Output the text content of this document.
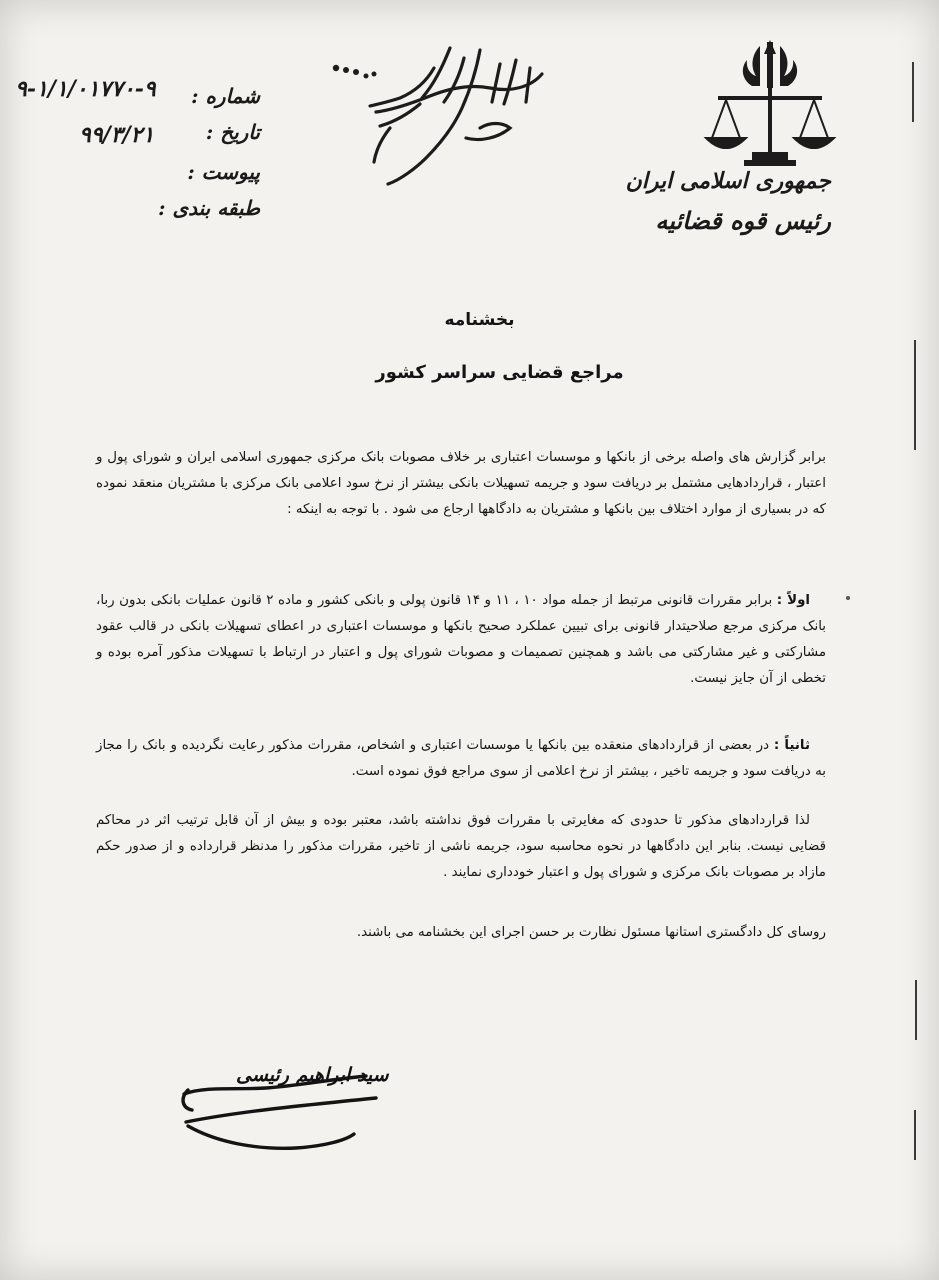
جمهوری اسلامی ایران
رئیس قوه قضائیه
شماره :
۹-۱/۱/۰۱۷۷۰-۹
تاریخ :
۹۹/۳/۲۱
پیوست :
طبقه بندی :
بخشنامه
مراجع قضایی سراسر کشور
برابر گزارش های واصله برخی از بانکها و موسسات اعتباری بر خلاف مصوبات بانک مرکزی جمهوری اسلامی ایران و شورای پول و اعتبار ، قراردادهایی مشتمل بر دریافت سود و جریمه تسهیلات بانکی بیشتر از نرخ سود اعلامی بانک مرکزی با مشتریان منعقد نموده که در بسیاری از موارد اختلاف بین بانکها و مشتریان به دادگاهها ارجاع می شود . با توجه به اینکه :
اولاً : برابر مقررات قانونی مرتبط از جمله مواد ۱۰ ، ۱۱ و ۱۴ قانون پولی و بانکی کشور و ماده ۲ قانون عملیات بانکی بدون ربا، بانک مرکزی مرجع صلاحیتدار قانونی برای تبیین عملکرد صحیح بانکها و موسسات اعتباری در اعطای تسهیلات بانکی در قالب عقود مشارکتی و غیر مشارکتی می باشد و همچنین تصمیمات و مصوبات شورای پول و اعتبار در ارتباط با تسهیلات مذکور آمره بوده و تخطی از آن جایز نیست.
ثانیاً : در بعضی از قراردادهای منعقده بین بانکها یا موسسات اعتباری و اشخاص، مقررات مذکور رعایت نگردیده و بانک را مجاز به دریافت سود و جریمه تاخیر ، بیشتر از نرخ اعلامی از سوی مراجع فوق نموده است.
لذا قراردادهای مذکور تا حدودی که مغایرتی با مقررات فوق نداشته باشد، معتبر بوده و بیش از آن قابل ترتیب اثر در محاکم قضایی نیست. بنابر این دادگاهها در نحوه محاسبه سود، جریمه ناشی از تاخیر، مقررات مذکور را مدنظر قرارداده و از صدور حکم مازاد بر مصوبات بانک مرکزی و شورای پول و اعتبار خودداری نمایند .
روسای کل دادگستری استانها مسئول نظارت بر حسن اجرای این بخشنامه می باشند.
سید ابراهیم رئیسی
